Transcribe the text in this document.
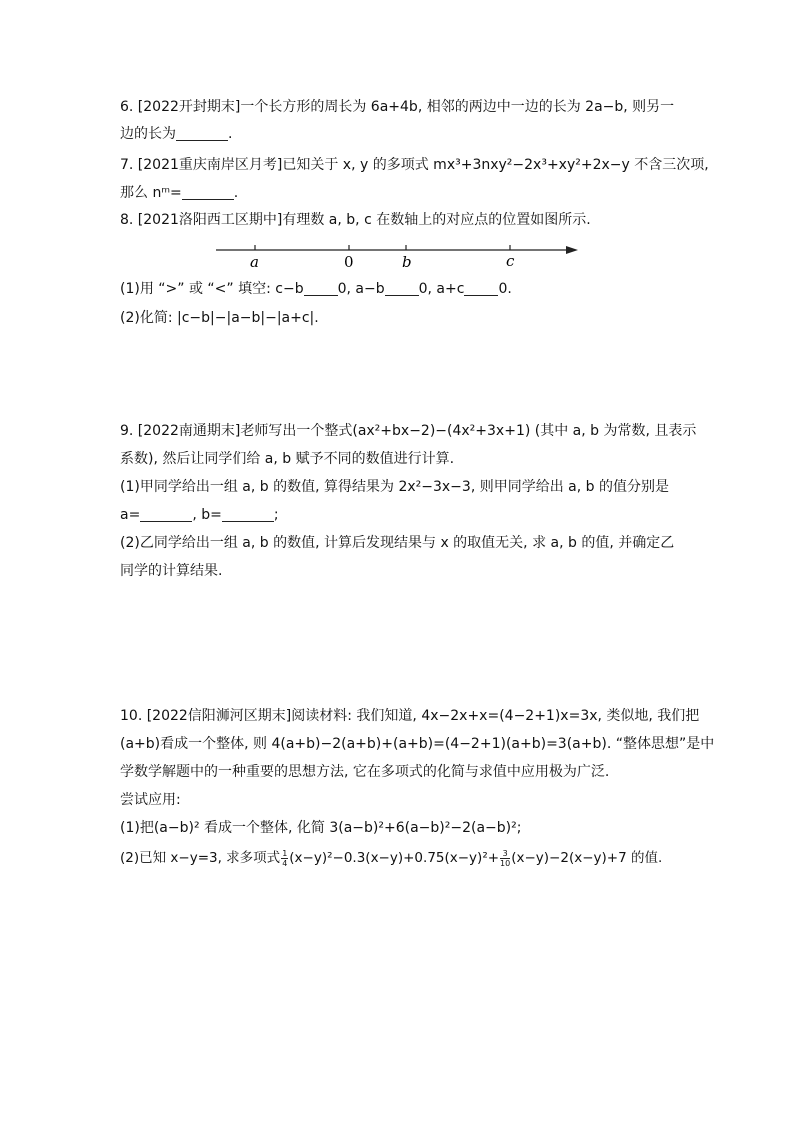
6. [2022开封期末]一个长方形的周长为 6a+4b, 相邻的两边中一边的长为 2a−b, 则另一
边的长为	.
7. [2021重庆南岸区月考]已知关于 x, y 的多项式 mx³+3nxy²−2x³+xy²+2x−y 不含三次项,
那么 nᵐ=	.
8. [2021洛阳西工区期中]有理数 a, b, c 在数轴上的对应点的位置如图所示.
a	0	b	c
(1)用 “>” 或 “<” 填空: c−b 0, a−b 0, a+c 0.
(2)化简: |c−b|−|a−b|−|a+c|.
9. [2022南通期末]老师写出一个整式(ax²+bx−2)−(4x²+3x+1) (其中 a, b 为常数, 且表示
系数), 然后让同学们给 a, b 赋予不同的数值进行计算.
(1)甲同学给出一组 a, b 的数值, 算得结果为 2x²−3x−3, 则甲同学给出 a, b 的值分别是
a=	, b=	;
(2)乙同学给出一组 a, b 的数值, 计算后发现结果与 x 的取值无关, 求 a, b 的值, 并确定乙
同学的计算结果.
10. [2022信阳浉河区期末]阅读材料: 我们知道, 4x−2x+x=(4−2+1)x=3x, 类似地, 我们把
(a+b)看成一个整体, 则 4(a+b)−2(a+b)+(a+b)=(4−2+1)(a+b)=3(a+b). “整体思想”是中
学数学解题中的一种重要的思想方法, 它在多项式的化简与求值中应用极为广泛.
尝试应用:
(1)把(a−b)² 看成一个整体, 化简 3(a−b)²+6(a−b)²−2(a−b)²;
(2)已知 x−y=3, 求多项式 $\frac{1}{4} (x-y)^2-0.3(x-y)+0.75(x-y)^2+ \frac{3}{10} (x-y)-2(x-y)+7$ 的值.
